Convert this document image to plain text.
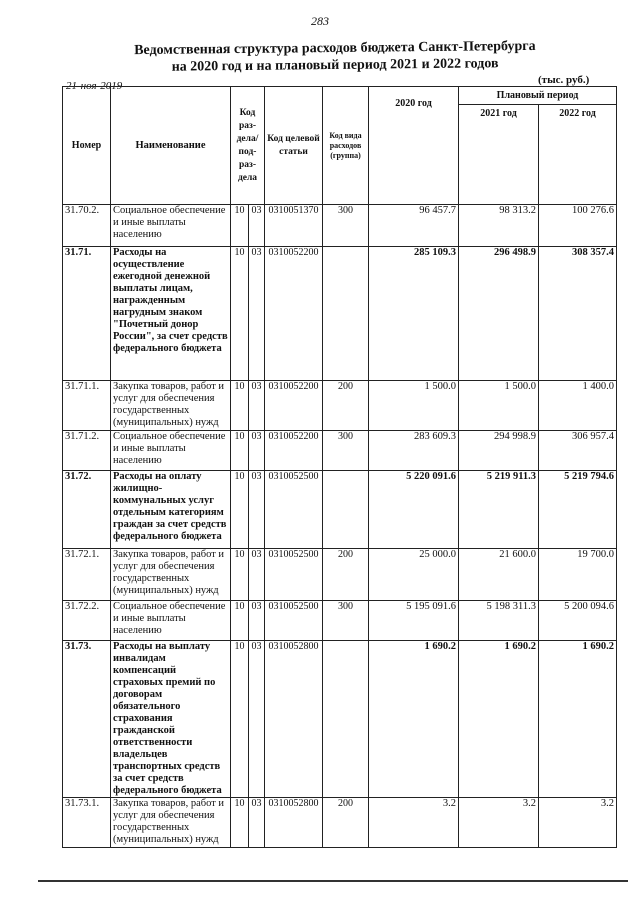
283
Ведомственная структура расходов бюджета Санкт-Петербурга
на 2020 год и на плановый период 2021 и 2022 годов
21-ноя-2019	(тыс. руб.)
Номер	Наименование	Код раз-дела/ под-раз-дела		Код целевой статьи	Код вида расходов (группа)	2020 год	Плановый период	
							2021 год	2022 год
31.70.2.	Социальное обеспечение и иные выплаты населению	10	03	0310051370	300	96 457.7	98 313.2	100 276.6
31.71.	Расходы на осуществление ежегодной денежной выплаты лицам, награжденным нагрудным знаком "Почетный донор России", за счет средств федерального бюджета	10	03	0310052200		285 109.3	296 498.9	308 357.4
31.71.1.	Закупка товаров, работ и услуг для обеспечения государственных (муниципальных) нужд	10	03	0310052200	200	1 500.0	1 500.0	1 400.0
31.71.2.	Социальное обеспечение и иные выплаты населению	10	03	0310052200	300	283 609.3	294 998.9	306 957.4
31.72.	Расходы на оплату жилищно-коммунальных услуг отдельным категориям граждан за счет средств федерального бюджета	10	03	0310052500		5 220 091.6	5 219 911.3	5 219 794.6
31.72.1.	Закупка товаров, работ и услуг для обеспечения государственных (муниципальных) нужд	10	03	0310052500	200	25 000.0	21 600.0	19 700.0
31.72.2.	Социальное обеспечение и иные выплаты населению	10	03	0310052500	300	5 195 091.6	5 198 311.3	5 200 094.6
31.73.	Расходы на выплату инвалидам компенсаций страховых премий по договорам обязательного страхования гражданской ответственности владельцев транспортных средств за счет средств федерального бюджета	10	03	0310052800		1 690.2	1 690.2	1 690.2
31.73.1.	Закупка товаров, работ и услуг для обеспечения государственных (муниципальных) нужд	10	03	0310052800	200	3.2	3.2	3.2
